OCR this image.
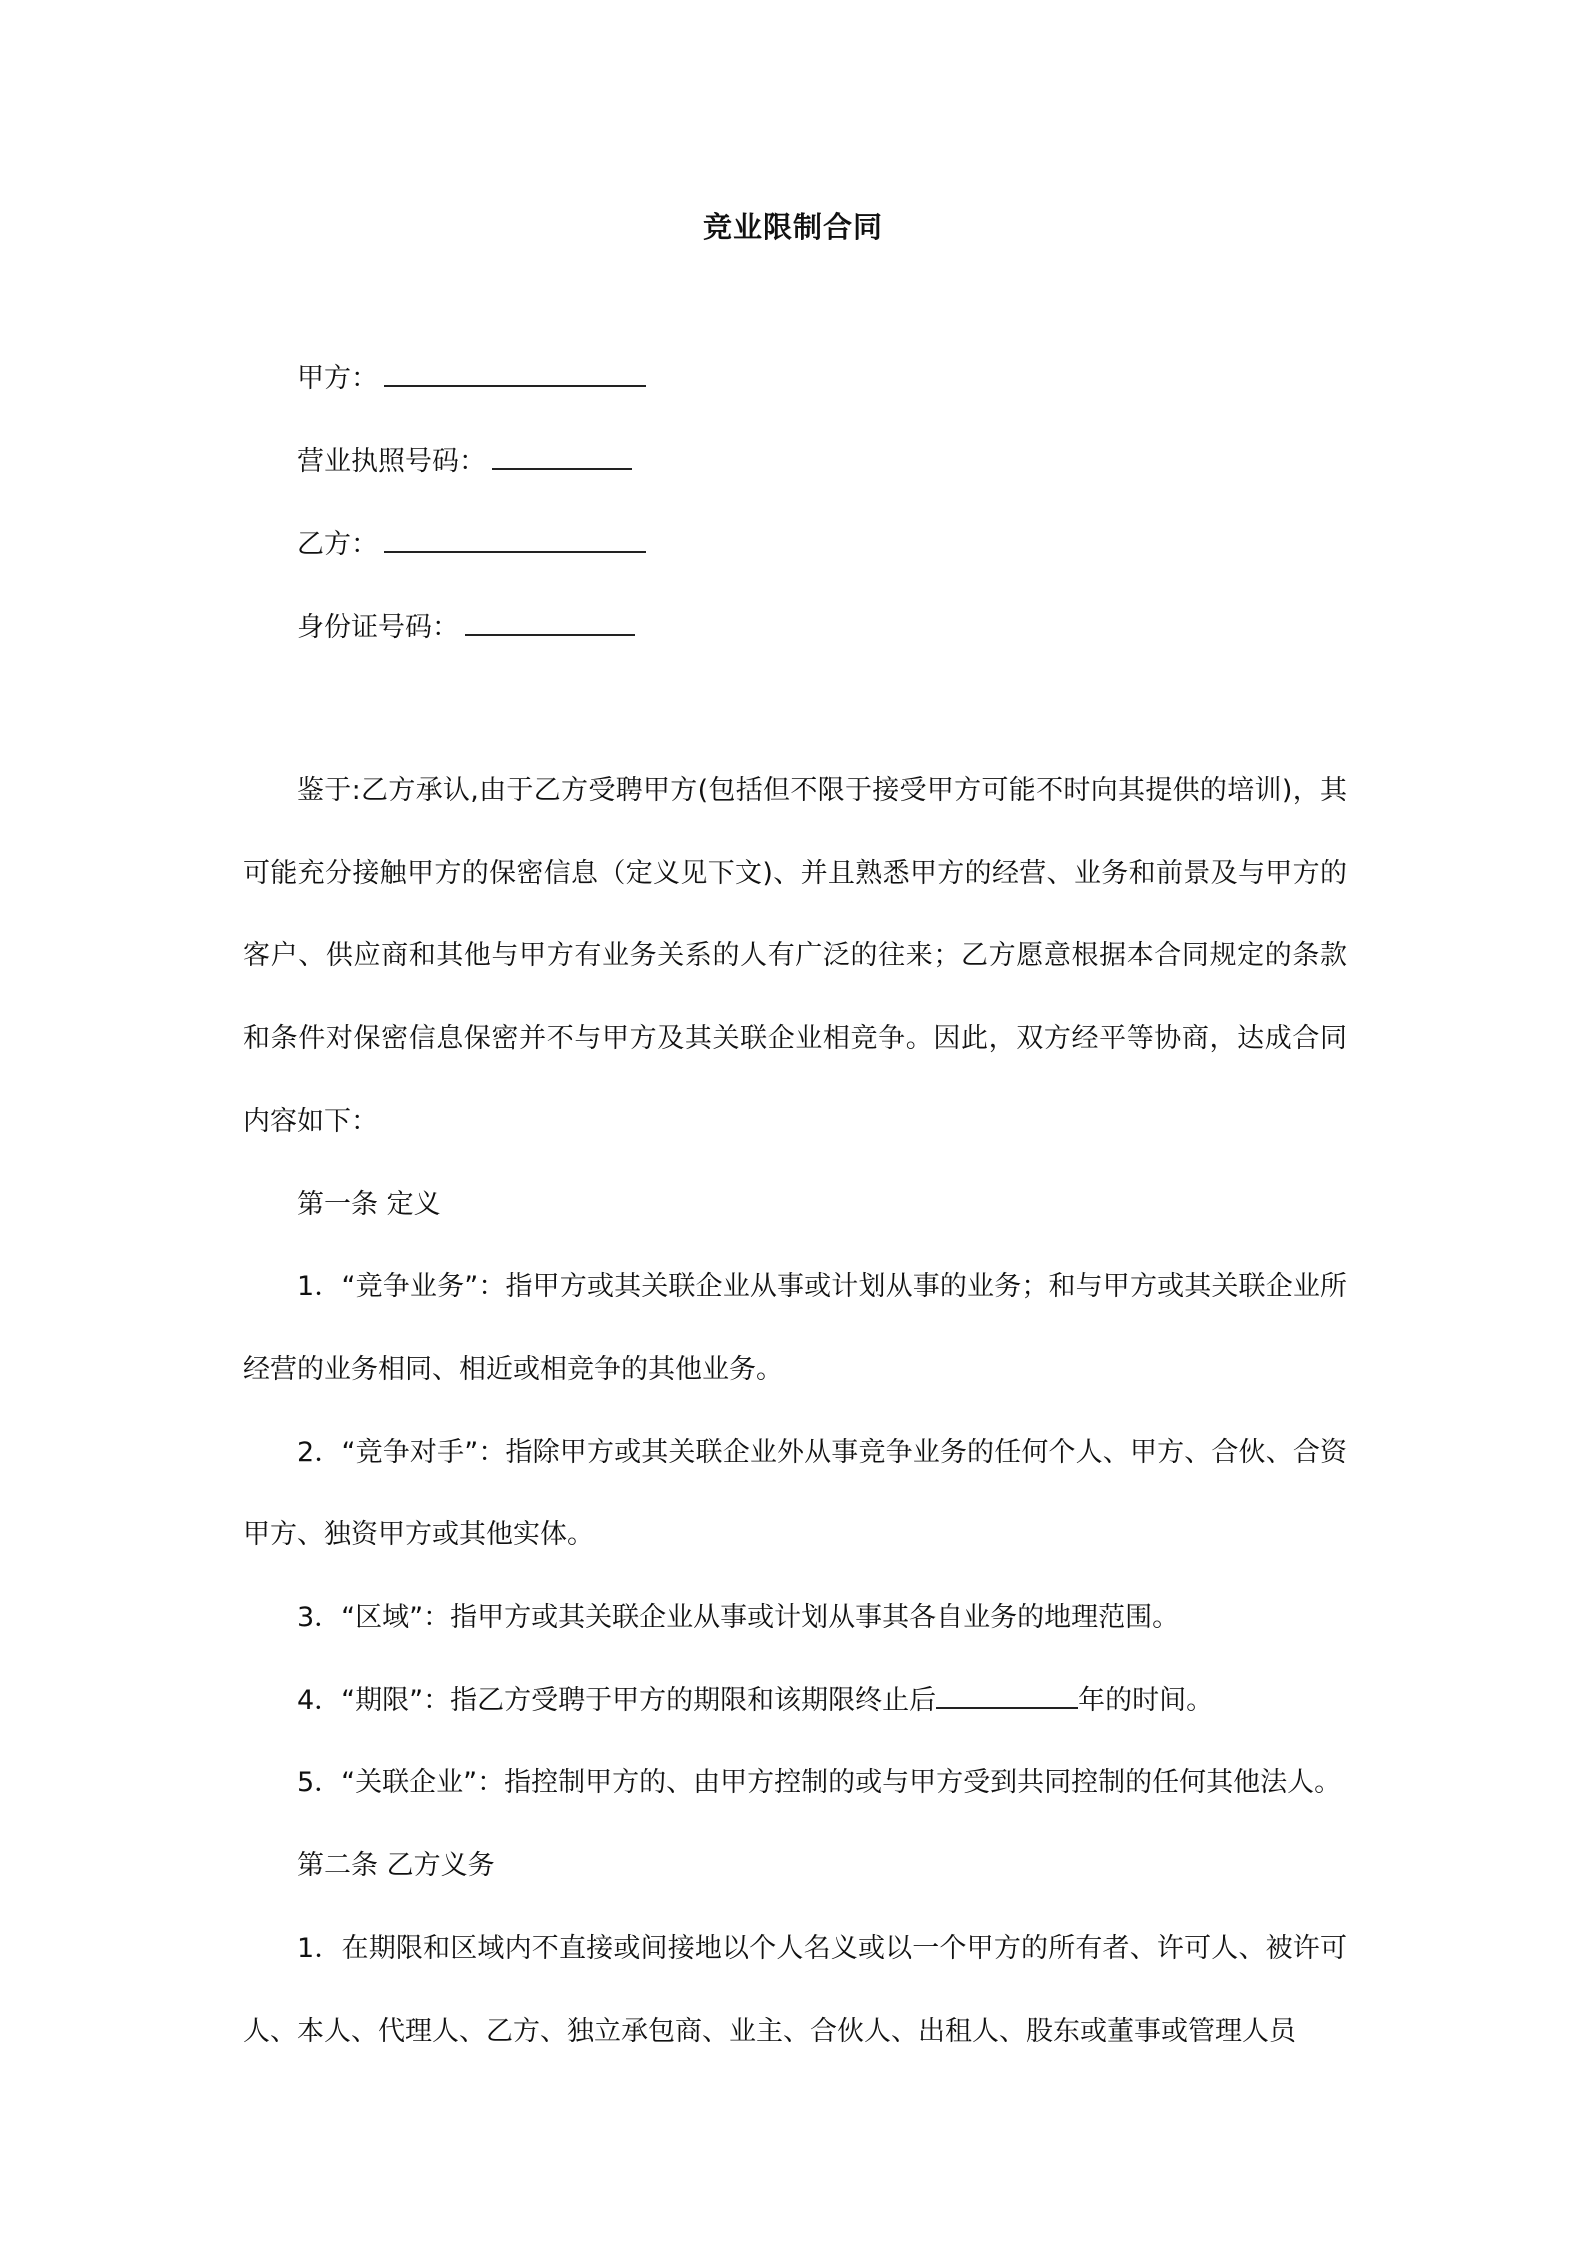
竞业限制合同
甲方：
营业执照号码：
乙方：
身份证号码：

鉴于:乙方承认,由于乙方受聘甲方(包括但不限于接受甲方可能不时向其提供的培训)，其可能充分接触甲方的保密信息（定义见下文)、并且熟悉甲方的经营、业务和前景及与甲方的客户、供应商和其他与甲方有业务关系的人有广泛的往来；乙方愿意根据本合同规定的条款和条件对保密信息保密并不与甲方及其关联企业相竞争。因此，双方经平等协商，达成合同内容如下：

第一条 定义

1．“竞争业务”：指甲方或其关联企业从事或计划从事的业务；和与甲方或其关联企业所经营的业务相同、相近或相竞争的其他业务。

2．“竞争对手”：指除甲方或其关联企业外从事竞争业务的任何个人、甲方、合伙、合资甲方、独资甲方或其他实体。

3．“区域”：指甲方或其关联企业从事或计划从事其各自业务的地理范围。

4．“期限”：指乙方受聘于甲方的期限和该期限终止后	年的时间。

5．“关联企业”：指控制甲方的、由甲方控制的或与甲方受到共同控制的任何其他法人。

第二条 乙方义务

1．在期限和区域内不直接或间接地以个人名义或以一个甲方的所有者、许可人、被许可人、本人、代理人、乙方、独立承包商、业主、合伙人、出租人、股东或董事或管理人员
